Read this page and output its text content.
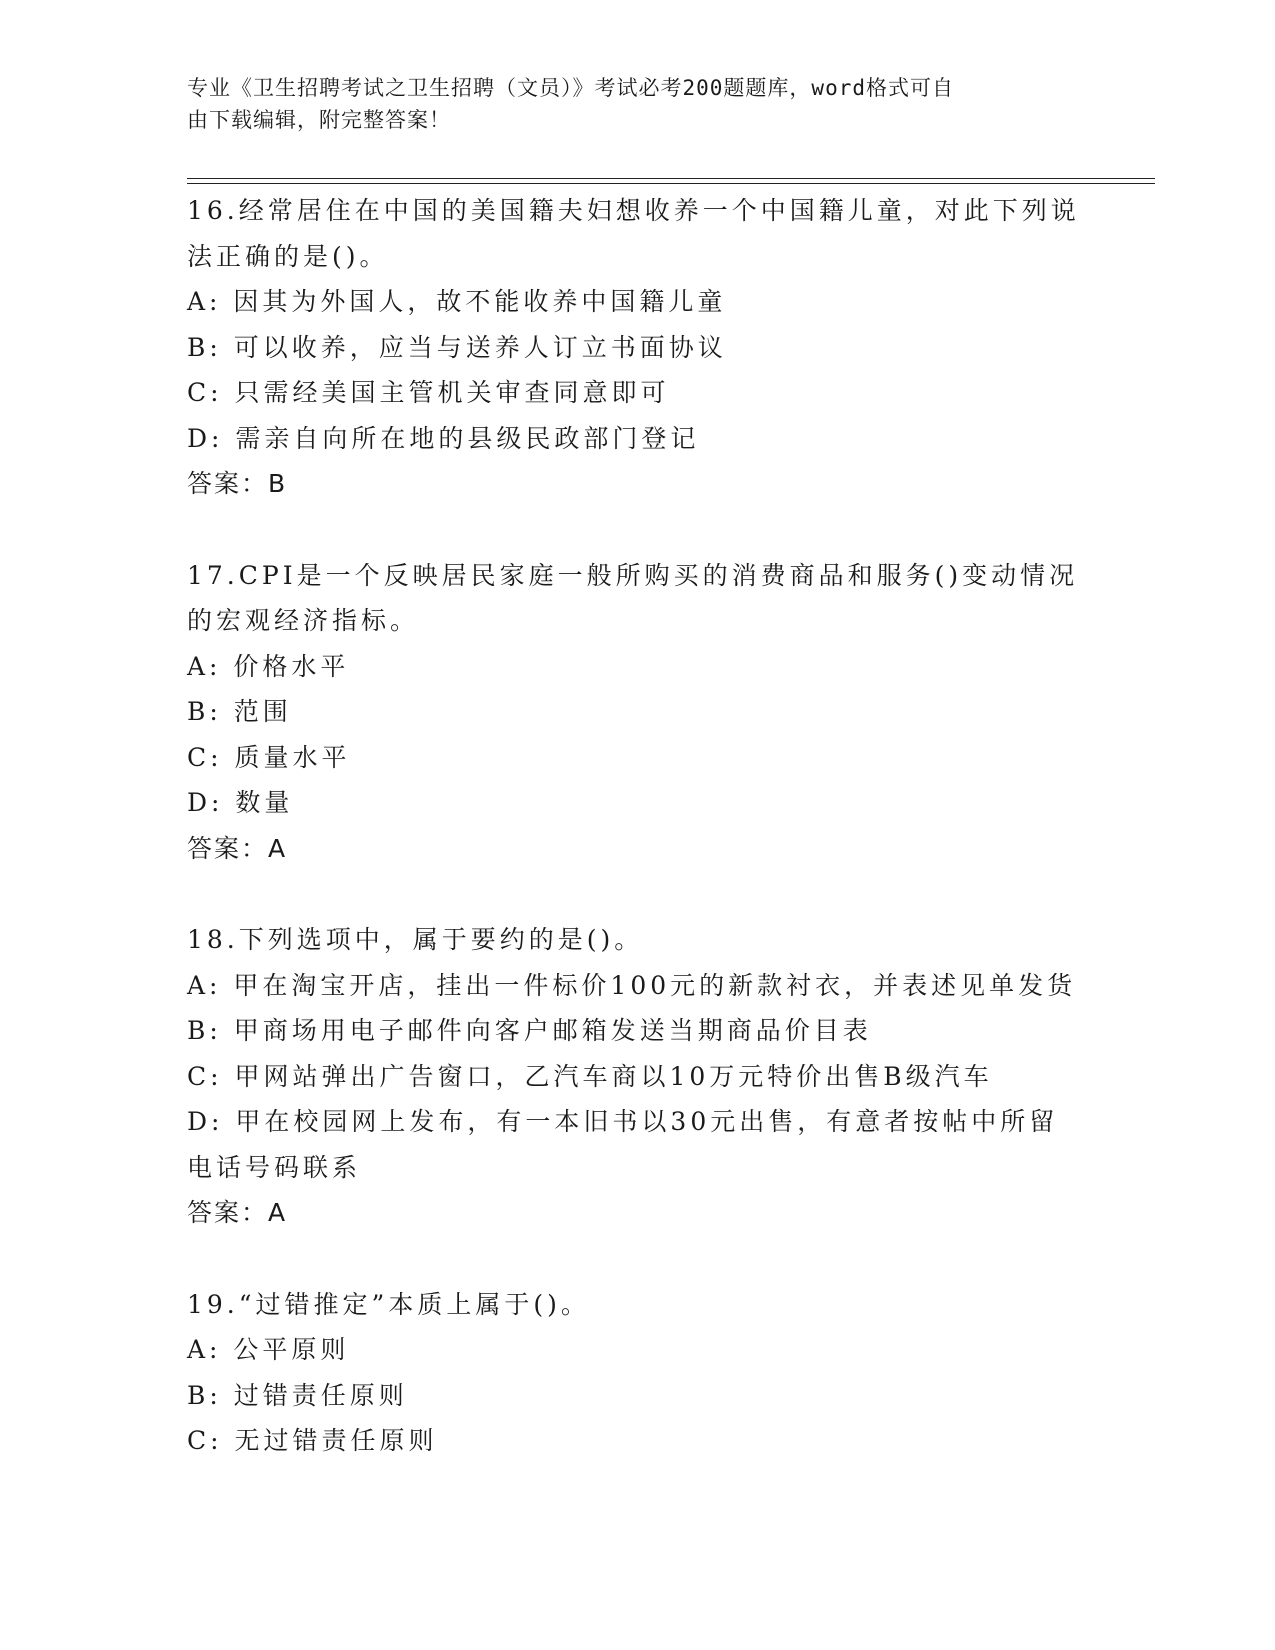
专业《卫生招聘考试之卫生招聘（文员）》考试必考200题题库，word格式可自
由下载编辑，附完整答案！
16.经常居住在中国的美国籍夫妇想收养一个中国籍儿童，对此下列说
法正确的是()。
A: 因其为外国人，故不能收养中国籍儿童
B: 可以收养，应当与送养人订立书面协议
C: 只需经美国主管机关审查同意即可
D: 需亲自向所在地的县级民政部门登记
答案：B
17.CPI是一个反映居民家庭一般所购买的消费商品和服务()变动情况
的宏观经济指标。
A: 价格水平
B: 范围
C: 质量水平
D: 数量
答案：A
18.下列选项中，属于要约的是()。
A: 甲在淘宝开店，挂出一件标价100元的新款衬衣，并表述见单发货
B: 甲商场用电子邮件向客户邮箱发送当期商品价目表
C: 甲网站弹出广告窗口，乙汽车商以10万元特价出售B级汽车
D: 甲在校园网上发布，有一本旧书以30元出售，有意者按帖中所留
电话号码联系
答案：A
19.“过错推定”本质上属于()。
A: 公平原则
B: 过错责任原则
C: 无过错责任原则
